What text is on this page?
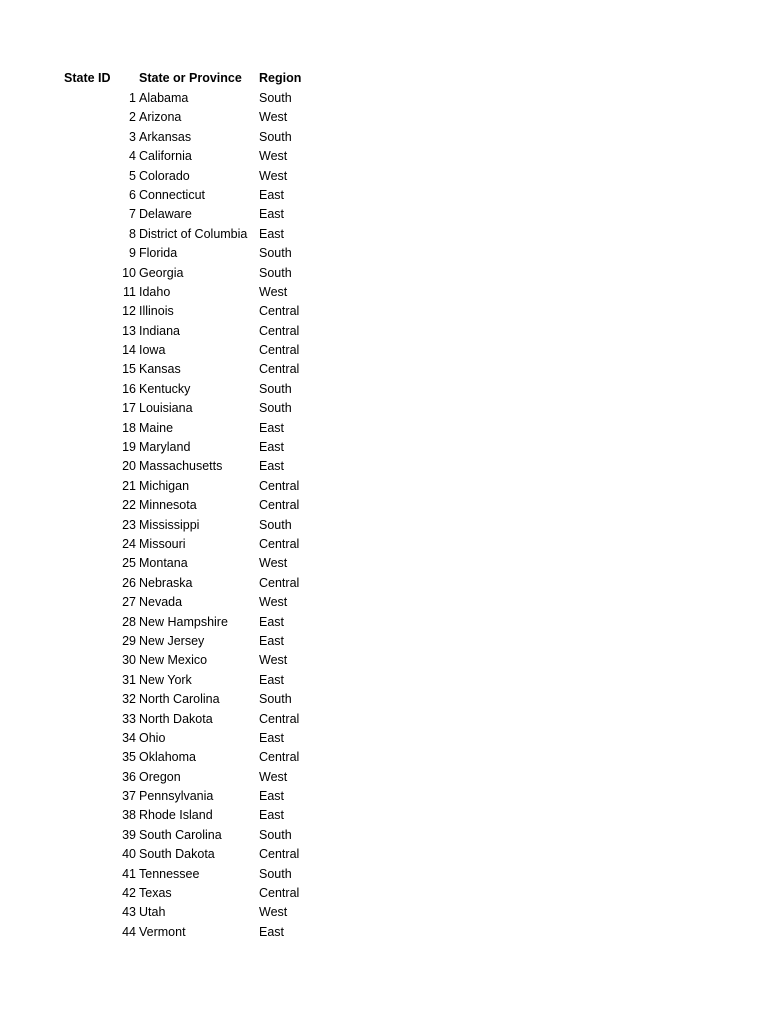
State ID State or Province Region
1 Alabama	South
2 Arizona	West
3 Arkansas	South
4 California	West
5 Colorado	West
6 Connecticut	East
7 Delaware	East
8 District of Columbia East
9 Florida	South
10 Georgia	South
11 Idaho	West
12 Illinois	Central
13 Indiana	Central
14 Iowa	Central
15 Kansas	Central
16 Kentucky	South
17 Louisiana	South
18 Maine	East
19 Maryland	East
20 Massachusetts	East
21 Michigan	Central
22 Minnesota	Central
23 Mississippi	South
24 Missouri	Central
25 Montana	West
26 Nebraska	Central
27 Nevada	West
28 New Hampshire East
29 New Jersey	East
30 New Mexico	West
31 New York	East
32 North Carolina	South
33 North Dakota	Central
34 Ohio	East
35 Oklahoma	Central
36 Oregon	West
37 Pennsylvania	East
38 Rhode Island	East
39 South Carolina	South
40 South Dakota	Central
41 Tennessee	South
42 Texas	Central
43 Utah	West
44 Vermont	East
